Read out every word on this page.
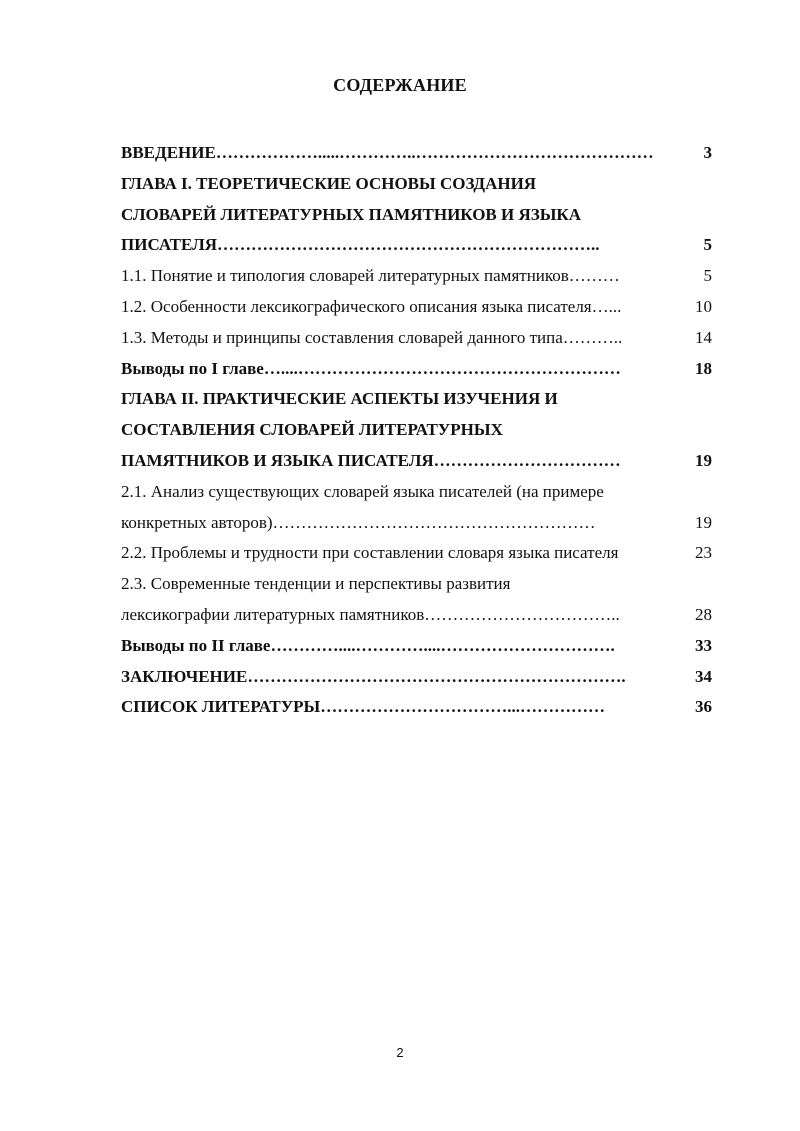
СОДЕРЖАНИЕ
ВВЕДЕНИЕ……………….....…………..……………………………………	3
ГЛАВА I. ТЕОРЕТИЧЕСКИЕ ОСНОВЫ СОЗДАНИЯ
СЛОВАРЕЙ ЛИТЕРАТУРНЫХ ПАМЯТНИКОВ И ЯЗЫКА
ПИСАТЕЛЯ…………………………………………………………..	5
1.1. Понятие и типология словарей литературных памятников………	5
1.2. Особенности лексикографического описания языка писателя…...	10
1.3. Методы и принципы составления словарей данного типа………..	14
Выводы по I главе…....…………………………………………………	18
ГЛАВА II. ПРАКТИЧЕСКИЕ АСПЕКТЫ ИЗУЧЕНИЯ И
СОСТАВЛЕНИЯ СЛОВАРЕЙ ЛИТЕРАТУРНЫХ
ПАМЯТНИКОВ И ЯЗЫКА ПИСАТЕЛЯ……………………………	19
2.1. Анализ существующих словарей языка писателей (на примере
конкретных авторов)…………………………………………………	19
2.2. Проблемы и трудности при составлении словаря языка писателя	23
2.3. Современные тенденции и перспективы развития
лексикографии литературных памятников……………………………..	28
Выводы по II главе…………....…………....………………………….	33
ЗАКЛЮЧЕНИЕ………………………………………………………….	34
СПИСОК ЛИТЕРАТУРЫ……………………………...……………	36
2
